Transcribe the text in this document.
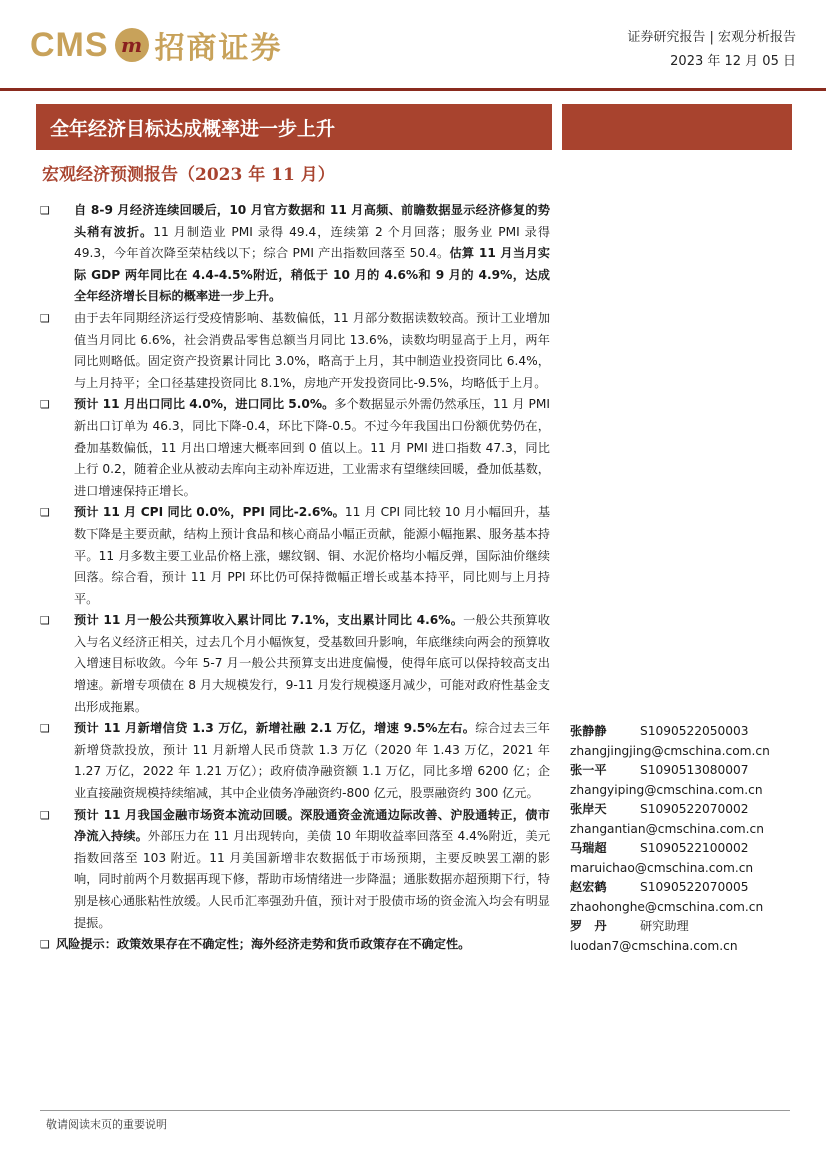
CMS m 招商证券	证券研究报告 | 宏观分析报告
2023 年 12 月 05 日
全年经济目标达成概率进一步上升
宏观经济预测报告（2023 年 11 月）
❑ 自 8-9 月经济连续回暖后，10 月官方数据和 11 月高频、前瞻数据显示经济修复的势头稍有波折。11 月制造业 PMI 录得 49.4，连续第 2 个月回落；服务业 PMI 录得 49.3，今年首次降至荣枯线以下；综合 PMI 产出指数回落至 50.4。估算 11 月当月实际 GDP 两年同比在 4.4-4.5%附近，稍低于 10 月的 4.6%和 9 月的 4.9%，达成全年经济增长目标的概率进一步上升。
❑ 由于去年同期经济运行受疫情影响、基数偏低，11 月部分数据读数较高。预计工业增加值当月同比 6.6%，社会消费品零售总额当月同比 13.6%，读数均明显高于上月，两年同比则略低。固定资产投资累计同比 3.0%，略高于上月，其中制造业投资同比 6.4%，与上月持平；全口径基建投资同比 8.1%，房地产开发投资同比-9.5%，均略低于上月。
❑ 预计 11 月出口同比 4.0%，进口同比 5.0%。多个数据显示外需仍然承压，11 月 PMI 新出口订单为 46.3，同比下降-0.4，环比下降-0.5。不过今年我国出口份额优势仍在，叠加基数偏低，11 月出口增速大概率回到 0 值以上。11 月 PMI 进口指数 47.3，同比上行 0.2，随着企业从被动去库向主动补库迈进，工业需求有望继续回暖，叠加低基数，进口增速保持正增长。
❑ 预计 11 月 CPI 同比 0.0%，PPI 同比-2.6%。11 月 CPI 同比较 10 月小幅回升，基数下降是主要贡献，结构上预计食品和核心商品小幅正贡献，能源小幅拖累、服务基本持平。11 月多数主要工业品价格上涨，螺纹钢、铜、水泥价格均小幅反弹，国际油价继续回落。综合看，预计 11 月 PPI 环比仍可保持微幅正增长或基本持平，同比则与上月持平。
❑ 预计 11 月一般公共预算收入累计同比 7.1%，支出累计同比 4.6%。一般公共预算收入与名义经济正相关，过去几个月小幅恢复，受基数回升影响，年底继续向两会的预算收入增速目标收敛。今年 5-7 月一般公共预算支出进度偏慢，使得年底可以保持较高支出增速。新增专项债在 8 月大规模发行，9-11 月发行规模逐月减少，可能对政府性基金支出形成拖累。
❑ 预计 11 月新增信贷 1.3 万亿，新增社融 2.1 万亿，增速 9.5%左右。综合过去三年新增贷款投放，预计 11 月新增人民币贷款 1.3 万亿（2020 年 1.43 万亿，2021 年 1.27 万亿，2022 年 1.21 万亿）；政府债净融资额 1.1 万亿，同比多增 6200 亿；企业直接融资规模持续缩减，其中企业债务净融资约-800 亿元，股票融资约 300 亿元。
❑ 预计 11 月我国金融市场资本流动回暖。深股通资金流通边际改善、沪股通转正，债市净流入持续。外部压力在 11 月出现转向，美债 10 年期收益率回落至 4.4%附近，美元指数回落至 103 附近。11 月美国新增非农数据低于市场预期，主要反映罢工潮的影响，同时前两个月数据再现下修，帮助市场情绪进一步降温；通胀数据亦超预期下行，特别是核心通胀粘性放缓。人民币汇率强劲升值，预计对于股债市场的资金流入均会有明显提振。
❑ 风险提示：政策效果存在不确定性；海外经济走势和货币政策存在不确定性。
张静静	S1090522050003
zhangjingjing@cmschina.com.cn
张一平	S1090513080007
zhangyiping@cmschina.com.cn
张岸天	S1090522070002
zhangantian@cmschina.com.cn
马瑞超	S1090522100002
maruichao@cmschina.com.cn
赵宏鹤	S1090522070005
zhaohonghe@cmschina.com.cn
罗　丹	研究助理
luodan7@cmschina.com.cn
敬请阅读末页的重要说明
